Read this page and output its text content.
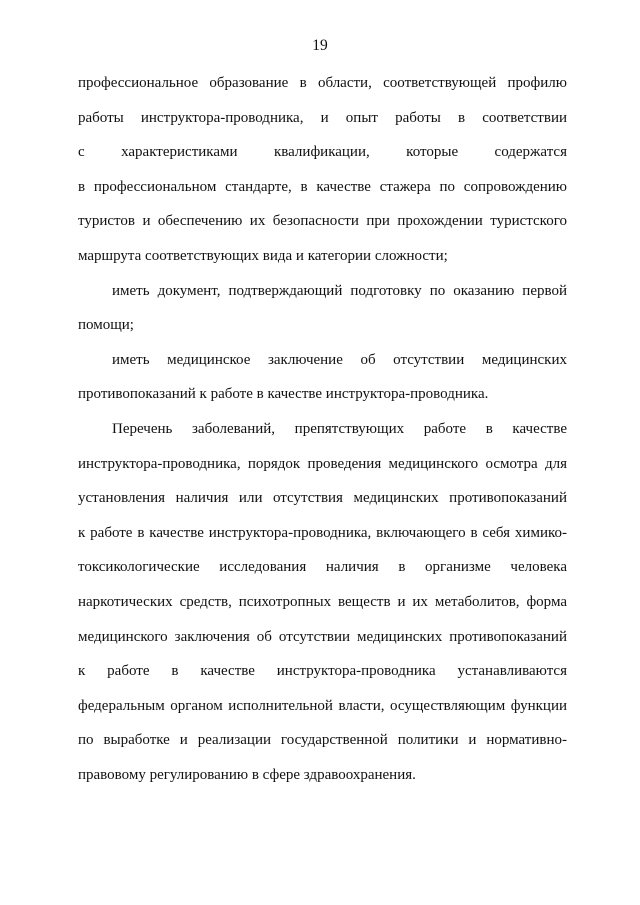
19
профессиональное образование в области, соответствующей профилю
работы инструктора-проводника, и опыт работы в соответствии
с характеристиками квалификации, которые содержатся
в профессиональном стандарте, в качестве стажера по сопровождению
туристов и обеспечению их безопасности при прохождении туристского
маршрута соответствующих вида и категории сложности;
иметь документ, подтверждающий подготовку по оказанию первой
помощи;
иметь медицинское заключение об отсутствии медицинских
противопоказаний к работе в качестве инструктора-проводника.
Перечень заболеваний, препятствующих работе в качестве
инструктора-проводника, порядок проведения медицинского осмотра для
установления наличия или отсутствия медицинских противопоказаний
к работе в качестве инструктора-проводника, включающего в себя химико-
токсикологические исследования наличия в организме человека
наркотических средств, психотропных веществ и их метаболитов, форма
медицинского заключения об отсутствии медицинских противопоказаний
к работе в качестве инструктора-проводника устанавливаются
федеральным органом исполнительной власти, осуществляющим функции
по выработке и реализации государственной политики и нормативно-
правовому регулированию в сфере здравоохранения.
